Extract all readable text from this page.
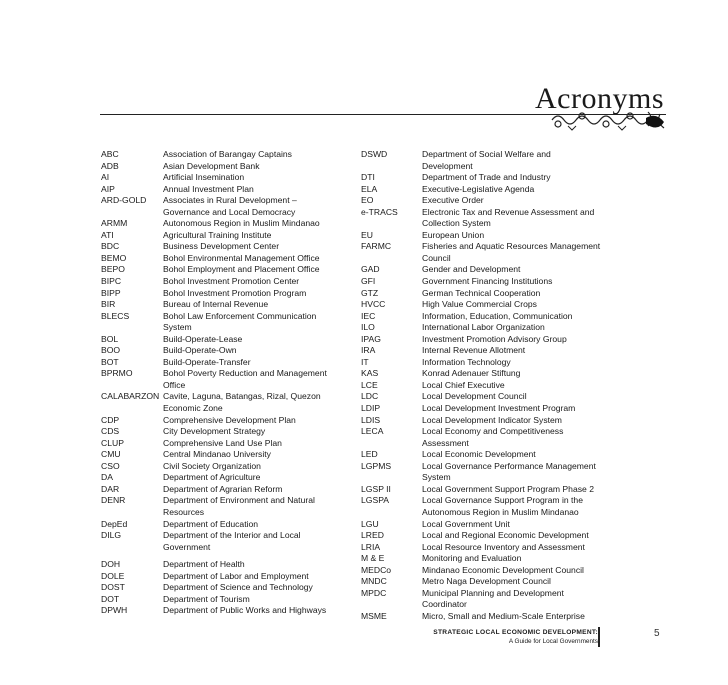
Acronyms
ABC	Association of Barangay Captains
ADB	Asian Development Bank
AI	Artificial Insemination
AIP	Annual Investment Plan
ARD-GOLD	Associates in Rural Development –
Governance and Local Democracy
ARMM	Autonomous Region in Muslim Mindanao
ATI	Agricultural Training Institute
BDC	Business Development Center
BEMO	Bohol Environmental Management Office
BEPO	Bohol Employment and Placement Office
BIPC	Bohol Investment Promotion Center
BIPP	Bohol Investment Promotion Program
BIR	Bureau of Internal Revenue
BLECS	Bohol Law Enforcement Communication
System
BOL	Build-Operate-Lease
BOO	Build-Operate-Own
BOT	Build-Operate-Transfer
BPRMO	Bohol Poverty Reduction and Management
Office
CALABARZON Cavite, Laguna, Batangas, Rizal, Quezon
Economic Zone
CDP	Comprehensive Development Plan
CDS	City Development Strategy
CLUP	Comprehensive Land Use Plan
CMU	Central Mindanao University
CSO	Civil Society Organization
DA	Department of Agriculture
DAR	Department of Agrarian Reform
DENR	Department of Environment and Natural
Resources
DepEd	Department of Education
DILG	Department of the Interior and Local
Government
DOH	Department of Health
DOLE	Department of Labor and Employment
DOST	Department of Science and Technology
DOT	Department of Tourism
DPWH	Department of Public Works and Highways
DSWD	Department of Social Welfare and
Development
DTI	Department of Trade and Industry
ELA	Executive-Legislative Agenda
EO	Executive Order
e-TRACS	Electronic Tax and Revenue Assessment and
Collection System
EU	European Union
FARMC	Fisheries and Aquatic Resources Management
Council
GAD	Gender and Development
GFI	Government Financing Institutions
GTZ	German Technical Cooperation
HVCC	High Value Commercial Crops
IEC	Information, Education, Communication
ILO	International Labor Organization
IPAG	Investment Promotion Advisory Group
IRA	Internal Revenue Allotment
IT	Information Technology
KAS	Konrad Adenauer Stiftung
LCE	Local Chief Executive
LDC	Local Development Council
LDIP	Local Development Investment Program
LDIS	Local Development Indicator System
LECA	Local Economy and Competitiveness
Assessment
LED	Local Economic Development
LGPMS	Local Governance Performance Management
System
LGSP II	Local Government Support Program Phase 2
LGSPA	Local Governance Support Program in the
Autonomous Region in Muslim Mindanao
LGU	Local Government Unit
LRED	Local and Regional Economic Development
LRIA	Local Resource Inventory and Assessment
M & E	Monitoring and Evaluation
MEDCo	Mindanao Economic Development Council
MNDC	Metro Naga Development Council
MPDC	Municipal Planning and Development
Coordinator
MSME	Micro, Small and Medium-Scale Enterprise
STRATEGIC LOCAL ECONOMIC DEVELOPMENT:
A Guide for Local Governments
5
